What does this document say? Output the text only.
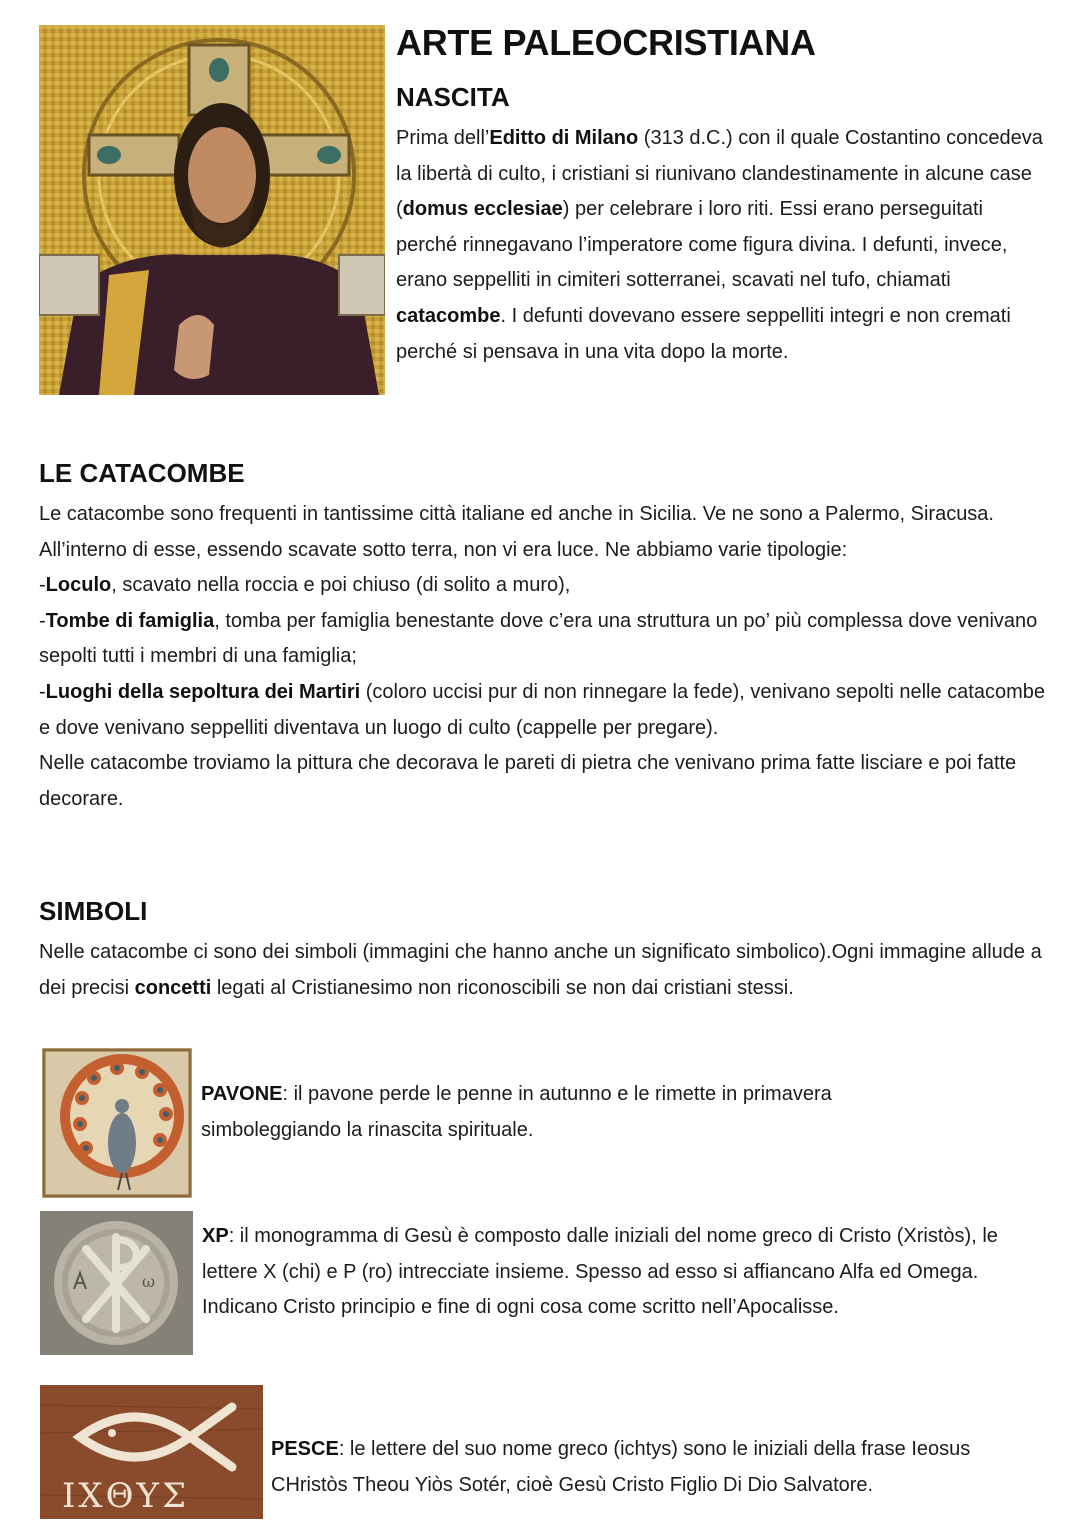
ARTE PALEOCRISTIANA
NASCITA

Prima dell’Editto di Milano (313 d.C.) con il quale Costantino concedeva la libertà di culto, i cristiani si riunivano clandestinamente in alcune case (domus ecclesiae) per celebrare i loro riti. Essi erano perseguitati perché rinnegavano l’imperatore come figura divina. I defunti, invece, erano seppelliti in cimiteri sotterranei, scavati nel tufo, chiamati catacombe. I defunti dovevano essere seppelliti integri e non cremati perché si pensava in una vita dopo la morte.

LE CATACOMBE

Le catacombe sono frequenti in tantissime città italiane ed anche in Sicilia. Ve ne sono a Palermo, Siracusa.

All’interno di esse, essendo scavate sotto terra, non vi era luce. Ne abbiamo varie tipologie:

-Loculo, scavato nella roccia e poi chiuso (di solito a muro),

-Tombe di famiglia, tomba per famiglia benestante dove c’era una struttura un po’ più complessa dove venivano sepolti tutti i membri di una famiglia;

-Luoghi della sepoltura dei Martiri (coloro uccisi pur di non rinnegare la fede), venivano sepolti nelle catacombe e dove venivano seppelliti diventava un luogo di culto (cappelle per pregare).

Nelle catacombe troviamo la pittura che decorava le pareti di pietra che venivano prima fatte lisciare e poi fatte decorare.

SIMBOLI

Nelle catacombe ci sono dei simboli (immagini che hanno anche un significato simbolico).Ogni immagine allude a dei precisi concetti legati al Cristianesimo non riconoscibili se non dai cristiani stessi.

PAVONE: il pavone perde le penne in autunno e le rimette in primavera simboleggiando la rinascita spirituale.

ω

XP: il monogramma di Gesù è composto dalle iniziali del nome greco di Cristo (Xristòs), le lettere X (chi) e P (ro) intrecciate insieme. Spesso ad esso si affiancano Alfa ed Omega. Indicano Cristo principio e fine di ogni cosa come scritto nell’Apocalisse.

IXΘYΣ

PESCE: le lettere del suo nome greco (ichtys) sono le iniziali della frase Ieosus CHristòs Theou Yiòs Sotér, cioè Gesù Cristo Figlio Di Dio Salvatore.
